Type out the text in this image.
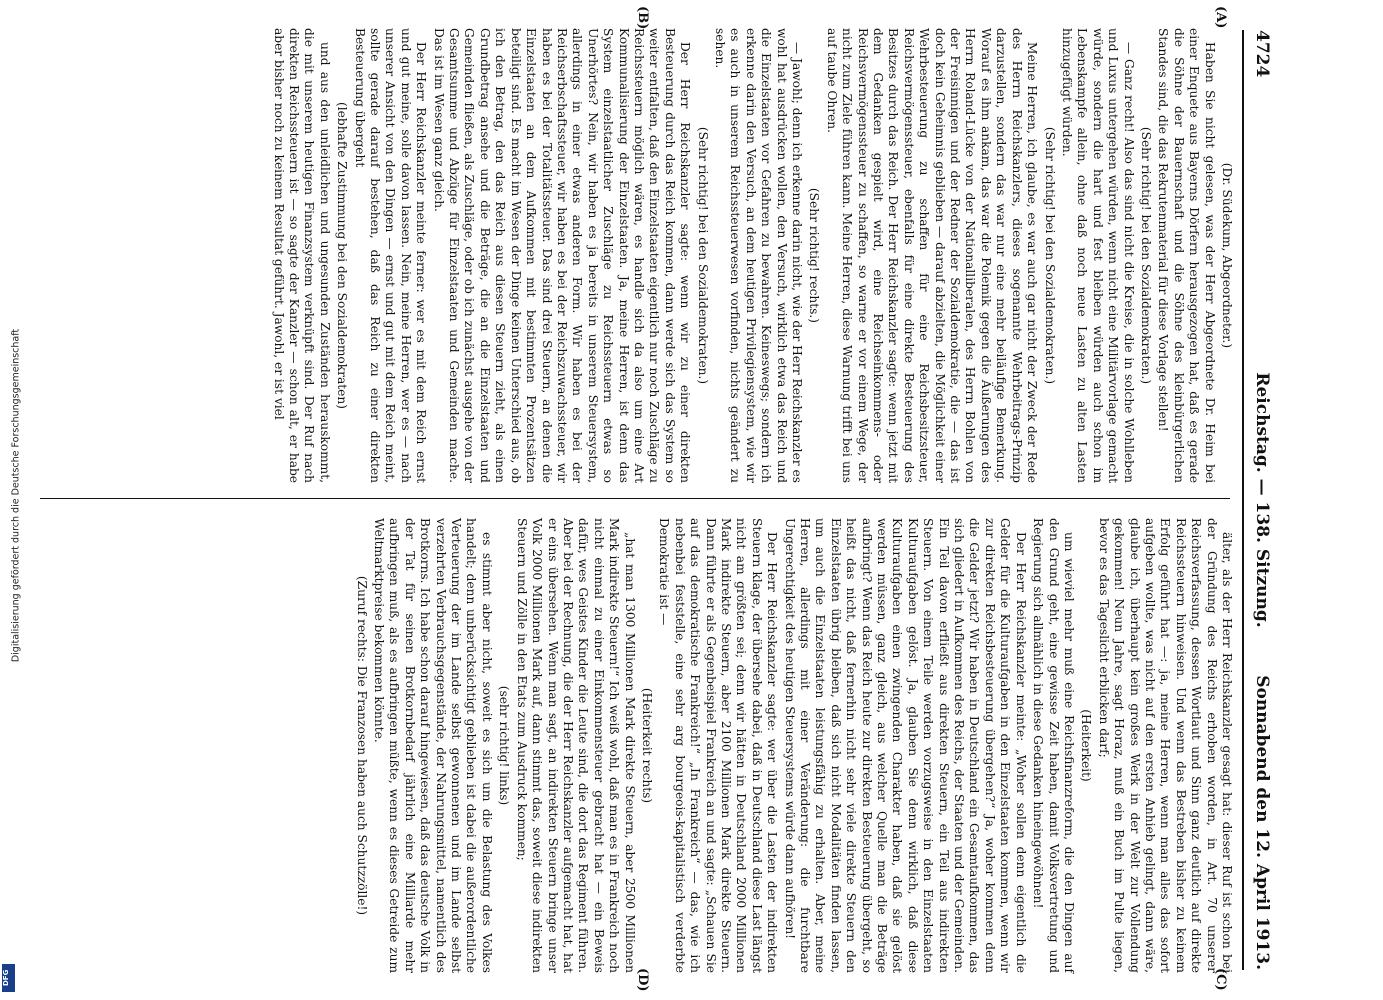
4724
Reichstag. — 138. Sitzung.
Sonnabend den 12. April 1913.
(A)
(B)
(C)
(D)

(Dr. Südekum, Abgeordneter.)

Haben Sie nicht gelesen, was der Herr Abgeordnete Dr. Heim bei einer Enquete aus Bayerns Dörfern herausgezogen hat, daß es gerade die Söhne der Bauernschaft und die Söhne des kleinbürgerlichen Standes sind, die das Rekrutenmaterial für diese Vorlage stellen!

(Sehr richtig! bei den Sozialdemokraten.)

— Ganz recht! Also das sind nicht die Kreise, die in solche Wohlleben und Luxus untergehen würden, wenn nicht eine Militärvorlage gemacht würde, sondern die hart und fest bleiben würden auch schon im Lebenskampfe allein, ohne daß noch neue Lasten zu alten Lasten hinzugefügt würden.

(Sehr richtig! bei den Sozialdemokraten.)

Meine Herren, ich glaube, es war auch gar nicht der Zweck der Rede des Herrn Reichskanzlers, dieses sogenannte Wehrbeitrags-Prinzip darzustellen, sondern das war nur eine mehr beiläufige Bemerkung. Worauf es ihm ankam, das war die Polemik gegen die Äußerungen des Herrn Roland-Lücke von der Nationalliberalen, des Herrn Bohlen von der Freisinnigen und der Redner der Sozialdemokratie, die — das ist doch kein Geheimnis geblieben — darauf abzielten, die Möglichkeit einer Wehrbesteuerung zu schaffen für eine Reichsbesitzsteuer, Reichsvermögenssteuer, ebenfalls für eine direkte Besteuerung des Besitzes durch das Reich. Der Herr Reichskanzler sagte: wenn jetzt mit dem Gedanken gespielt wird, eine Reichseinkommens- oder Reichsvermögenssteuer zu schaffen, so warne er vor einem Wege, der nicht zum Ziele führen kann. Meine Herren, diese Warnung trifft bei uns auf taube Ohren.

(Sehr richtig! rechts.)

— Jawohl; denn ich erkenne darin nicht, wie der Herr Reichskanzler es wohl hat ausdrücken wollen, den Versuch, wirklich etwa das Reich und die Einzelstaaten vor Gefahren zu bewahren. Keineswegs; sondern ich erkenne darin den Versuch, an dem heutigen Privilegiensystem, wie wir es auch in unserem Reichssteuerwesen vorfinden, nichts geändert zu sehen.

(Sehr richtig! bei den Sozialdemokraten.)

Der Herr Reichskanzler sagte: wenn wir zu einer direkten Besteuerung durch das Reich kommen, dann werde sich das System so weiter entfalten, daß den Einzelstaaten eigentlich nur noch Zuschläge zu Reichssteuern möglich wären, es handle sich da also um eine Art Kommunalisierung der Einzelstaaten. Ja, meine Herren, ist denn das System einzelstaatlicher Zuschläge zu Reichssteuern etwas so Unerhörtes? Nein, wir haben es ja bereits in unserem Steuersystem, allerdings in einer etwas anderen Form. Wir haben es bei der Reichserbschaftssteuer, wir haben es bei der Reichszuwachssteuer, wir haben es bei der Totalitätssteuer. Das sind drei Steuern, an denen die Einzelstaaten an dem Aufkommen mit bestimmten Prozentsätzen beteiligt sind. Es macht im Wesen der Dinge keinen Unterschied aus, ob ich den Betrag, den das Reich aus diesen Steuern zieht, als einen Grundbetrag ansehe und die Beträge, die an die Einzelstaaten und Gemeinden fließen, als Zuschläge, oder ob ich zunächst ausgehe von der Gesamtsumme und Abzüge für Einzelstaaten und Gemeinden mache. Das ist im Wesen ganz gleich.

Der Herr Reichskanzler meinte ferner: wer es mit dem Reich ernst und gut meine, solle davon lassen. Nein, meine Herren, wer es — nach unserer Ansicht von den Dingen — ernst und gut mit dem Reich meint, sollte gerade darauf bestehen, daß das Reich zu einer direkten Besteuerung übergeht

(lebhafte Zustimmung bei den Sozialdemokraten)

und aus den unleidlichen und ungesunden Zuständen herauskommt, die mit unserem heutigen Finanzsystem verknüpft sind. Der Ruf nach direkten Reichssteuern ist — so sagte der Kanzler — schon alt, er habe aber bisher noch zu keinem Resultat geführt. Jawohl, er ist viel

älter, als der Herr Reichskanzler gesagt hat: dieser Ruf ist schon bei der Gründung des Reichs erhoben worden, in Art. 70 unserer Reichsverfassung, dessen Wortlaut und Sinn ganz deutlich auf direkte Reichssteuern hinweisen. Und wenn das Bestreben bisher zu keinem Erfolg geführt hat —: ja, meine Herren, wenn man alles das sofort aufgeben wollte, was nicht auf den ersten Anhieb gelingt, dann wäre, glaube ich, überhaupt kein großes Werk in der Welt zur Vollendung gekommen! Neun Jahre, sagt Horaz, muß ein Buch im Pulte liegen, bevor es das Tageslicht erblicken darf;

(Heiterkeit)

um wieviel mehr muß eine Reichsfinanzreform, die den Dingen auf den Grund geht, eine gewisse Zeit haben, damit Volksvertretung und Regierung sich allmählich in diese Gedanken hineingewöhnen!

Der Herr Reichskanzler meinte: „Woher sollen denn eigentlich die Gelder für die Kulturaufgaben in den Einzelstaaten kommen, wenn wir zur direkten Reichsbesteuerung übergehen?“ Ja, woher kommen denn die Gelder jetzt? Wir haben in Deutschland ein Gesamtaufkommen, das sich gliedert in Aufkommen des Reichs, der Staaten und der Gemeinden. Ein Teil davon erfließt aus direkten Steuern, ein Teil aus indirekten Steuern. Von einem Teile werden vorzugsweise in den Einzelstaaten Kulturaufgaben gelöst. Ja, glauben Sie denn wirklich, daß diese Kulturaufgaben einen zwingenden Charakter haben, daß sie gelöst werden müssen, ganz gleich, aus welcher Quelle man die Beträge aufbringt? Wenn das Reich heute zur direkten Besteuerung übergeht, so heißt das nicht, daß fernerhin nicht sehr viele direkte Steuern den Einzelstaaten übrig bleiben, daß sich nicht Modalitäten finden lassen, um auch die Einzelstaaten leistungsfähig zu erhalten. Aber, meine Herren, allerdings mit einer Veränderung: die furchtbare Ungerechtigkeit des heutigen Steuersystems würde dann aufhören!

Der Herr Reichskanzler sagte: wer über die Lasten der indirekten Steuern klage, der übersehe dabei, daß in Deutschland diese Last längst nicht am größten sei; denn wir hätten in Deutschland 2000 Millionen Mark indirekte Steuern, aber 2100 Millionen Mark direkte Steuern. Dann führte er als Gegenbeispiel Frankreich an und sagte: „Schauen Sie auf das demokratische Frankreich!“ „In Frankreich“ — das, wie ich nebenbei feststelle, eine sehr arg bourgeois-kapitalistisch verderbte Demokratie ist —

(Heiterkeit rechts)

„hat man 1300 Millionen Mark direkte Steuern, aber 2500 Millionen Mark indirekte Steuern!“ Ich weiß wohl, daß man es in Frankreich noch nicht einmal zu einer Einkommensteuer gebracht hat — ein Beweis dafür, wes Geistes Kinder die Leute sind, die dort das Regiment führen. Aber bei der Rechnung, die der Herr Reichskanzler aufgemacht hat, hat er eins übersehen. Wenn man sagt, an indirekten Steuern bringe unser Volk 2000 Millionen Mark auf, dann stimmt das, soweit diese indirekten Steuern und Zölle in den Etats zum Ausdruck kommen;

(sehr richtig! links)

es stimmt aber nicht, soweit es sich um die Belastung des Volkes handelt; denn unberücksichtigt geblieben ist dabei die außerordentliche Verteuerung der im Lande selbst gewonnenen und im Lande selbst verzehrten Verbrauchsgegenstände, der Nahrungsmittel, namentlich des Brotkorns. Ich habe schon darauf hingewiesen, daß das deutsche Volk in der Tat für seinen Brotkornbedarf jährlich eine Milliarde mehr aufbringen muß, als es aufbringen müßte, wenn es dieses Getreide zum Weltmarktpreise bekommen könnte.

(Zuruf rechts: Die Franzosen haben auch Schutzzölle!)

Digitalisierung gefördert durch die Deutsche Forschungsgemeinschaft
DFG
